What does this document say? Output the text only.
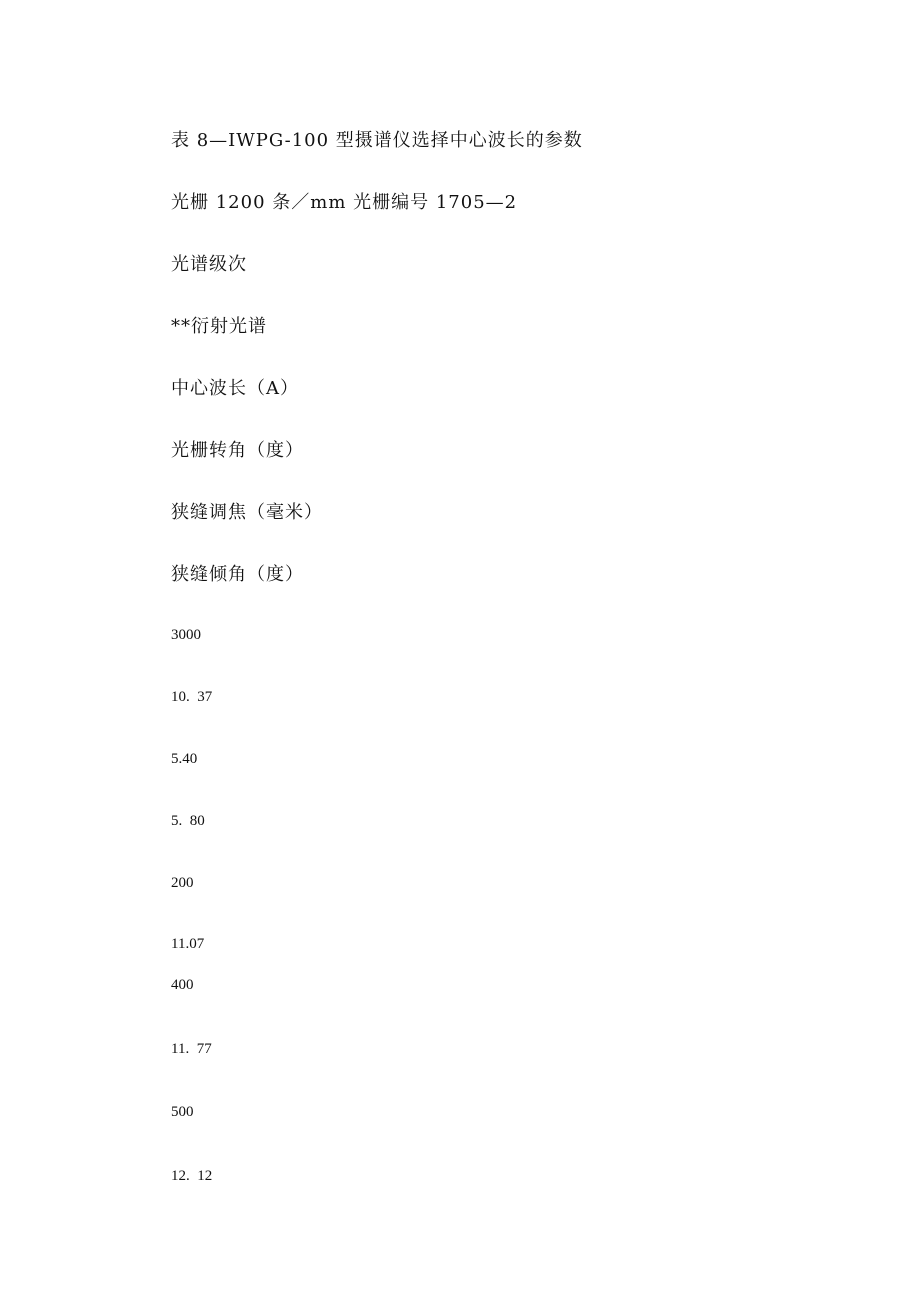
表 8—IWPG-100 型摄谱仪选择中心波长的参数
光栅 1200 条／mm 光栅编号 1705—2
光谱级次
**衍射光谱
中心波长（A）
光栅转角（度）
狭缝调焦（毫米）
狭缝倾角（度）
3000
10.  37
5.40
5.  80
200
11.07
400
11.  77
500
12.  12
